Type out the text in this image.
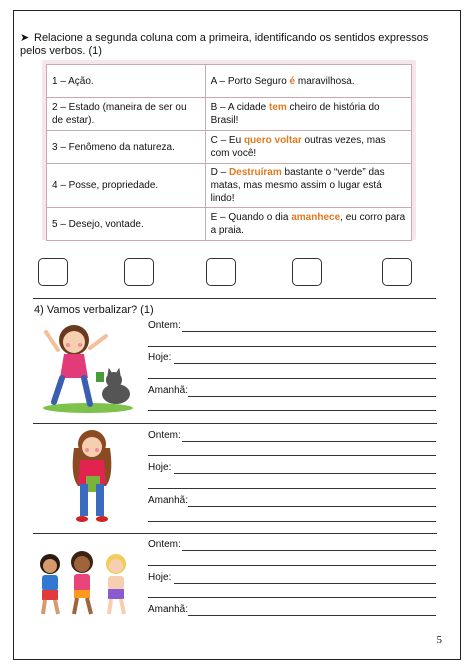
➤ Relacione a segunda coluna com a primeira, identificando os sentidos expressos pelos verbos. (1)
1 – Ação.	A – Porto Seguro é maravilhosa.
2 – Estado (maneira de ser ou de estar).	B – A cidade tem cheiro de história do Brasil!
3 – Fenômeno da natureza.	C – Eu quero voltar outras vezes, mas com você!
4 – Posse, propriedade.	D – Destruíram bastante o “verde” das matas, mas mesmo assim o lugar está lindo!
5 – Desejo, vontade.	E – Quando o dia amanhece, eu corro para a praia.
4) Vamos verbalizar? (1)
Ontem:
Hoje:
Amanhã:
Ontem:
Hoje:
Amanhã:
Ontem:
Hoje:
Amanhã:
5
